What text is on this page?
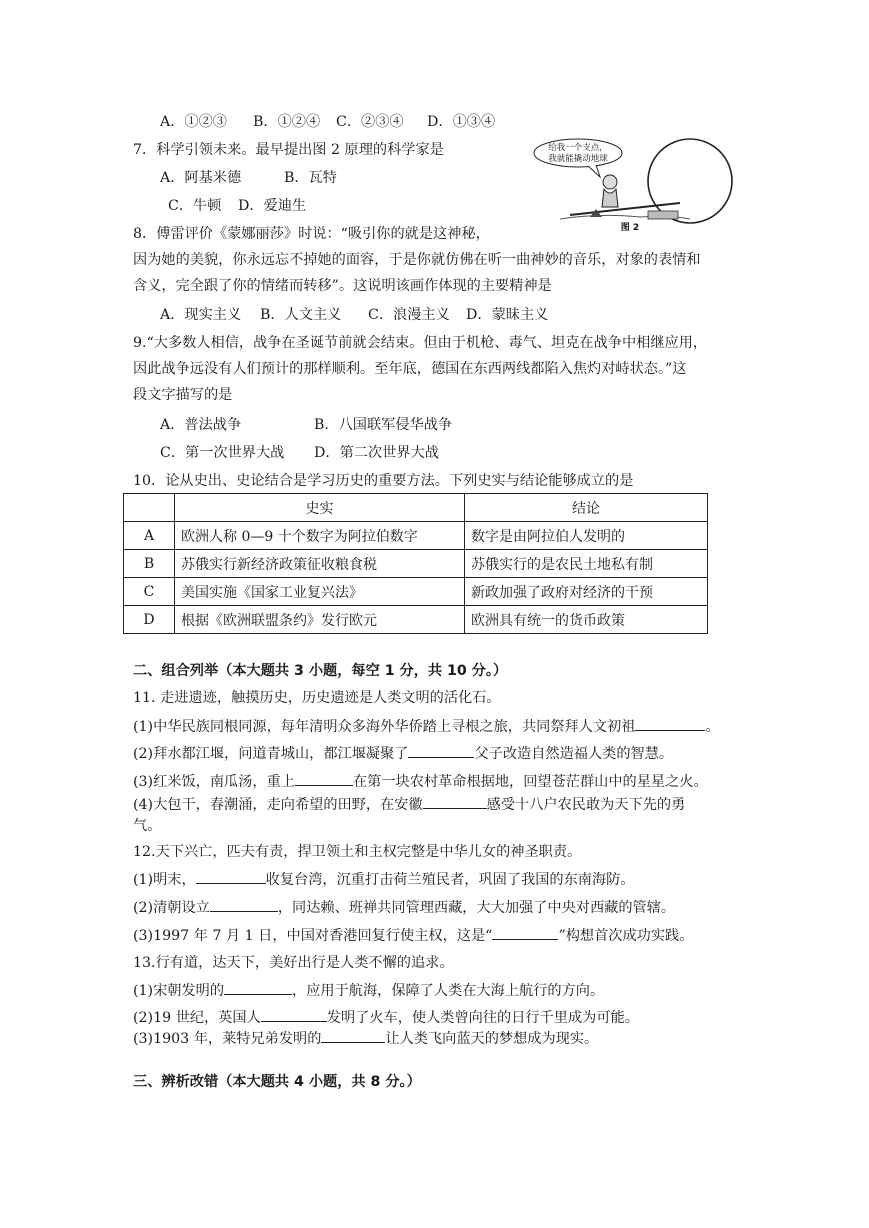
A．①②③ B．①②④ C．②③④ D．①③④
7．科学引领未来。最早提出图 2 原理的科学家是
A．阿基米德	B．瓦特
C．牛顿 D．爱迪生
给我一个支点，
我就能撬动地球
图 2
8．傅雷评价《蒙娜丽莎》时说：“吸引你的就是这神秘，
因为她的美貌，你永远忘不掉她的面容，于是你就仿佛在听一曲神妙的音乐，对象的表情和
含义，完全跟了你的情绪而转移”。这说明该画作体现的主要精神是
A．现实主义 B．人文主义 C．浪漫主义 D．蒙昧主义
9.“大多数人相信，战争在圣诞节前就会结束。但由于机枪、毒气、坦克在战争中相继应用，
因此战争远没有人们预计的那样顺利。至年底，德国在东西两线都陷入焦灼对峙状态。”这
段文字描写的是
A．普法战争	B．八国联军侵华战争
C．第一次世界大战 D．第二次世界大战
10．论从史出、史论结合是学习历史的重要方法。下列史实与结论能够成立的是
	史实	结论
A	欧洲人称 0—9 十个数字为阿拉伯数字	数字是由阿拉伯人发明的
B	苏俄实行新经济政策征收粮食税	苏俄实行的是农民土地私有制
C	美国实施《国家工业复兴法》	新政加强了政府对经济的干预
D	根据《欧洲联盟条约》发行欧元	欧洲具有统一的货币政策
二、组合列举（本大题共 3 小题，每空 1 分，共 10 分。）
11. 走进遗迹，触摸历史，历史遗迹是人类文明的活化石。
(1)中华民族同根同源，每年清明众多海外华侨踏上寻根之旅，共同祭拜人文初祖	。
(2)拜水都江堰，问道青城山，都江堰凝聚了	父子改造自然造福人类的智慧。
(3)红米饭，南瓜汤，重上	在第一块农村革命根据地，回望苍茫群山中的星星之火。
(4)大包干，春潮涌，走向希望的田野，在安徽	感受十八户农民敢为天下先的勇
气。
12.天下兴亡，匹夫有责，捍卫领土和主权完整是中华儿女的神圣职责。
(1)明末，	收复台湾，沉重打击荷兰殖民者，巩固了我国的东南海防。
(2)清朝设立	，同达赖、班禅共同管理西藏，大大加强了中央对西藏的管辖。
(3)1997 年 7 月 1 日，中国对香港回复行使主权，这是“	”构想首次成功实践。
13.行有道，达天下，美好出行是人类不懈的追求。
(1)宋朝发明的	，应用于航海，保障了人类在大海上航行的方向。
(2)19 世纪，英国人	发明了火车，使人类曾向往的日行千里成为可能。
(3)1903 年，莱特兄弟发明的	让人类飞向蓝天的梦想成为现实。
三、辨析改错（本大题共 4 小题，共 8 分。）
